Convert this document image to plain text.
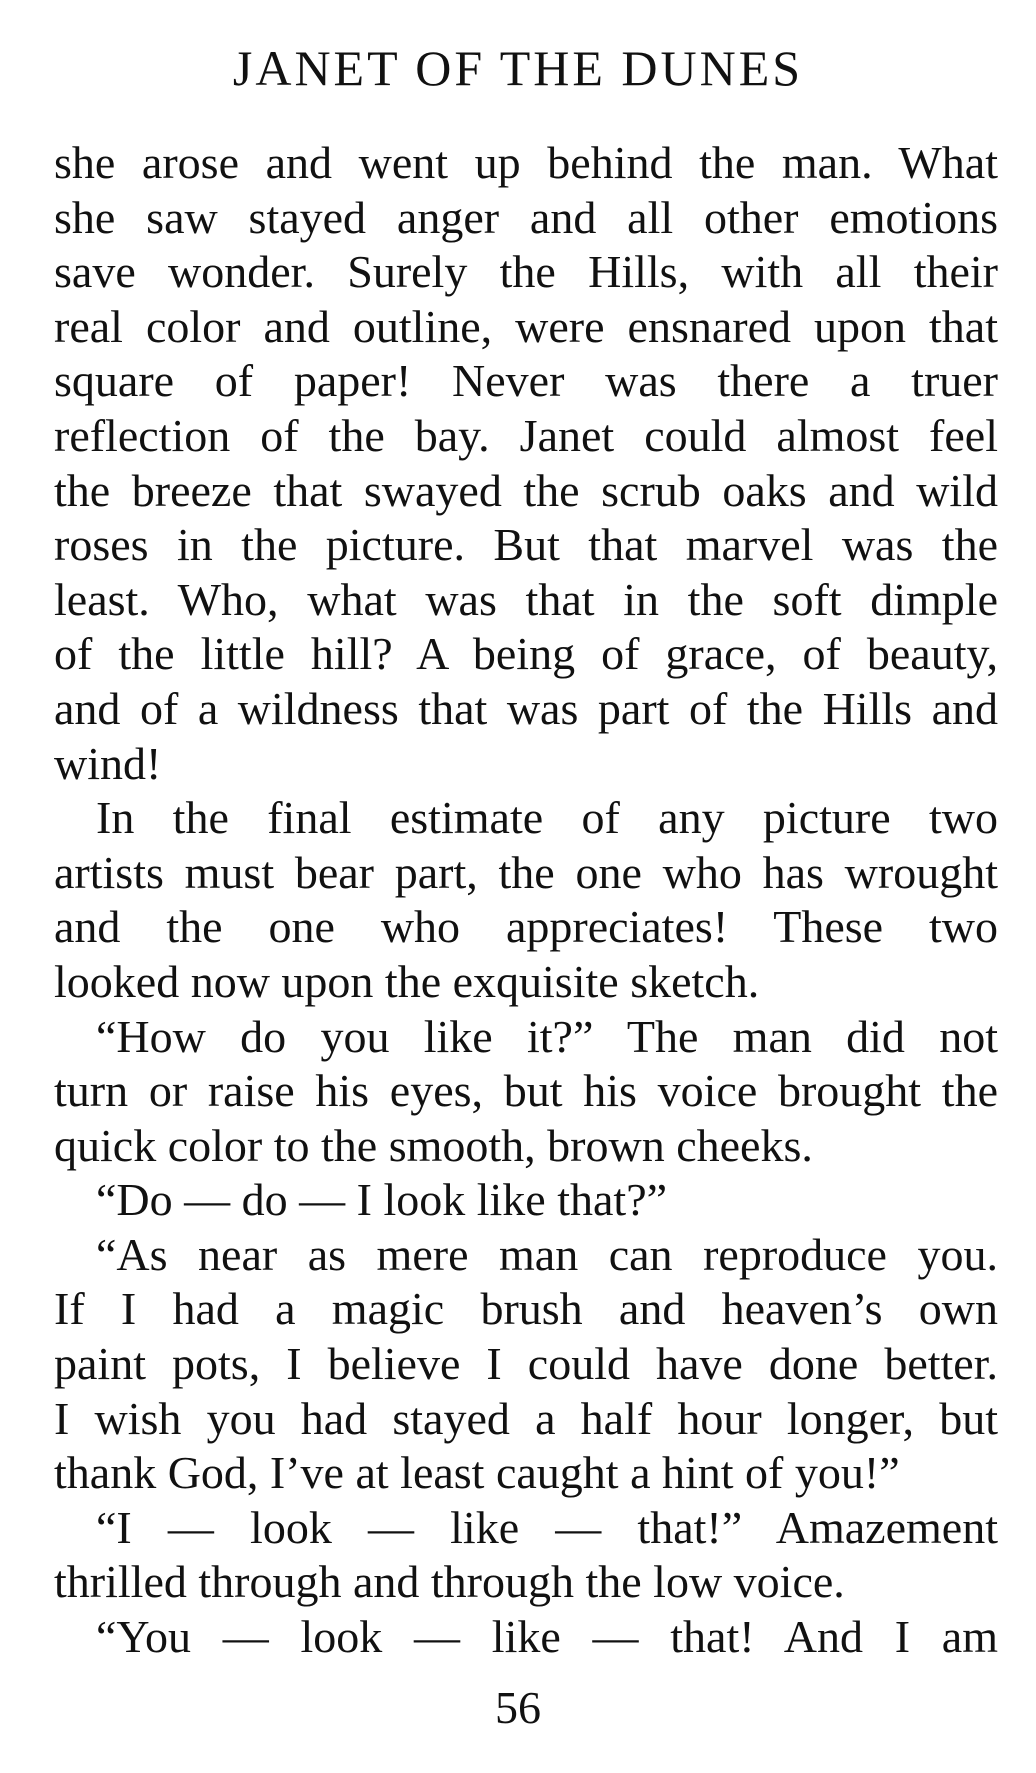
JANET OF THE DUNES
she arose and went up behind the man. What
she saw stayed anger and all other emotions
save wonder. Surely the Hills, with all their
real color and outline, were ensnared upon that
square of paper! Never was there a truer
reflection of the bay. Janet could almost feel
the breeze that swayed the scrub oaks and wild
roses in the picture. But that marvel was the
least. Who, what was that in the soft dimple
of the little hill? A being of grace, of beauty,
and of a wildness that was part of the Hills and
wind!
In the final estimate of any picture two
artists must bear part, the one who has wrought
and the one who appreciates! These two
looked now upon the exquisite sketch.
“How do you like it?” The man did not
turn or raise his eyes, but his voice brought the
quick color to the smooth, brown cheeks.
“Do — do — I look like that?”
“As near as mere man can reproduce you.
If I had a magic brush and heaven’s own
paint pots, I believe I could have done better.
I wish you had stayed a half hour longer, but
thank God, I’ve at least caught a hint of you!”
“I — look — like — that!” Amazement
thrilled through and through the low voice.
“You — look — like — that! And I am
56
